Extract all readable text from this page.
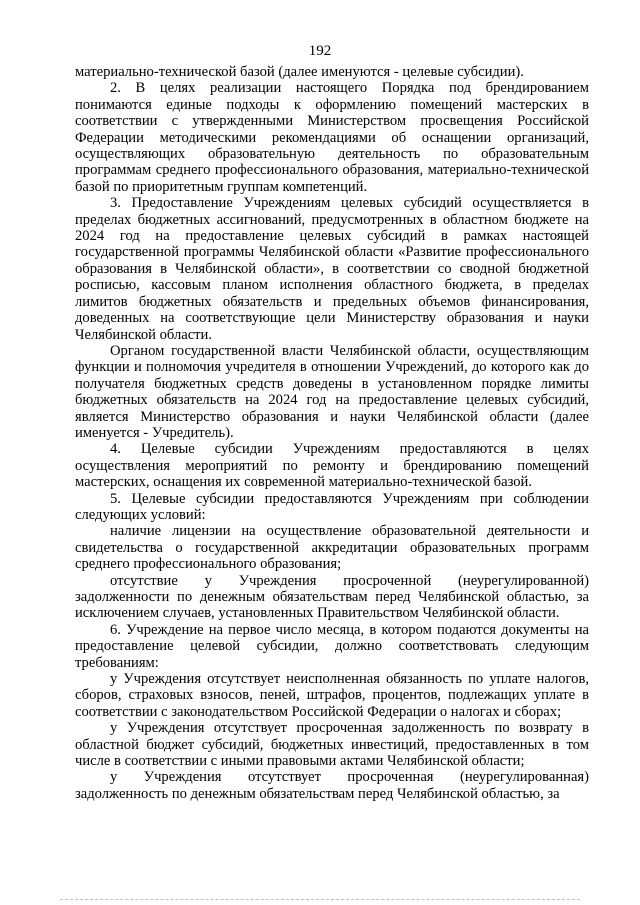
192

материально-технической базой (далее именуются - целевые субсидии).

2. В целях реализации настоящего Порядка под брендированием понимаются единые подходы к оформлению помещений мастерских в соответствии с утвержденными Министерством просвещения Российской Федерации методическими рекомендациями об оснащении организаций, осуществляющих образовательную деятельность по образовательным программам среднего профессионального образования, материально-технической базой по приоритетным группам компетенций.

3. Предоставление Учреждениям целевых субсидий осуществляется в пределах бюджетных ассигнований, предусмотренных в областном бюджете на 2024 год на предоставление целевых субсидий в рамках настоящей государственной программы Челябинской области «Развитие профессионального образования в Челябинской области», в соответствии со сводной бюджетной росписью, кассовым планом исполнения областного бюджета, в пределах лимитов бюджетных обязательств и предельных объемов финансирования, доведенных на соответствующие цели Министерству образования и науки Челябинской области.

Органом государственной власти Челябинской области, осуществляющим функции и полномочия учредителя в отношении Учреждений, до которого как до получателя бюджетных средств доведены в установленном порядке лимиты бюджетных обязательств на 2024 год на предоставление целевых субсидий, является Министерство образования и науки Челябинской области (далее именуется - Учредитель).

4. Целевые субсидии Учреждениям предоставляются в целях осуществления мероприятий по ремонту и брендированию помещений мастерских, оснащения их современной материально-технической базой.

5. Целевые субсидии предоставляются Учреждениям при соблюдении следующих условий:

наличие лицензии на осуществление образовательной деятельности и свидетельства о государственной аккредитации образовательных программ среднего профессионального образования;

отсутствие у Учреждения просроченной (неурегулированной) задолженности по денежным обязательствам перед Челябинской областью, за исключением случаев, установленных Правительством Челябинской области.

6. Учреждение на первое число месяца, в котором подаются документы на предоставление целевой субсидии, должно соответствовать следующим требованиям:

у Учреждения отсутствует неисполненная обязанность по уплате налогов, сборов, страховых взносов, пеней, штрафов, процентов, подлежащих уплате в соответствии с законодательством Российской Федерации о налогах и сборах;

у Учреждения отсутствует просроченная задолженность по возврату в областной бюджет субсидий, бюджетных инвестиций, предоставленных в том числе в соответствии с иными правовыми актами Челябинской области;

у Учреждения отсутствует просроченная (неурегулированная) задолженность по денежным обязательствам перед Челябинской областью, за
